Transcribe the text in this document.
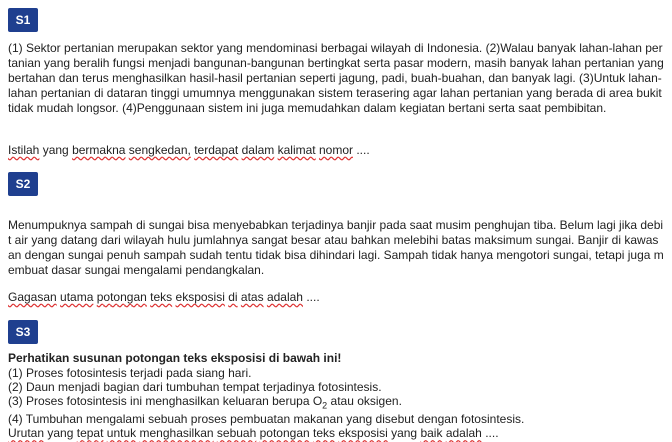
S1

(1) Sektor pertanian merupakan sektor yang mendominasi berbagai wilayah di Indonesia. (2)Walau banyak lahan-lahan pertanian yang beralih fungsi menjadi bangunan-bangunan bertingkat serta pasar modern, masih banyak lahan pertanian yang bertahan dan terus menghasilkan hasil-hasil pertanian seperti jagung, padi, buah-buahan, dan banyak lagi. (3)Untuk lahan-lahan pertanian di dataran tinggi umumnya menggunakan sistem terasering agar lahan pertanian yang berada di area bukit tidak mudah longsor. (4)Penggunaan sistem ini juga memudahkan dalam kegiatan bertani serta saat pembibitan.

Istilah yang bermakna sengkedan, terdapat dalam kalimat nomor ....
S2

Menumpuknya sampah di sungai bisa menyebabkan terjadinya banjir pada saat musim penghujan tiba. Belum lagi jika debit air yang datang dari wilayah hulu jumlahnya sangat besar atau bahkan melebihi batas maksimum sungai. Banjir di kawasan dengan sungai penuh sampah sudah tentu tidak bisa dihindari lagi. Sampah tidak hanya mengotori sungai, tetapi juga membuat dasar sungai mengalami pendangkalan.

Gagasan utama potongan teks eksposisi di atas adalah ....
S3
Perhatikan susunan potongan teks eksposisi di bawah ini!
(1) Proses fotosintesis terjadi pada siang hari.
(2) Daun menjadi bagian dari tumbuhan tempat terjadinya fotosintesis.
(3) Proses fotosintesis ini menghasilkan keluaran berupa $O_2$ atau oksigen.
(4) Tumbuhan mengalami sebuah proses pembuatan makanan yang disebut dengan fotosintesis.
Urutan yang tepat untuk menghasilkan sebuah potongan teks eksposisi yang baik adalah ....
